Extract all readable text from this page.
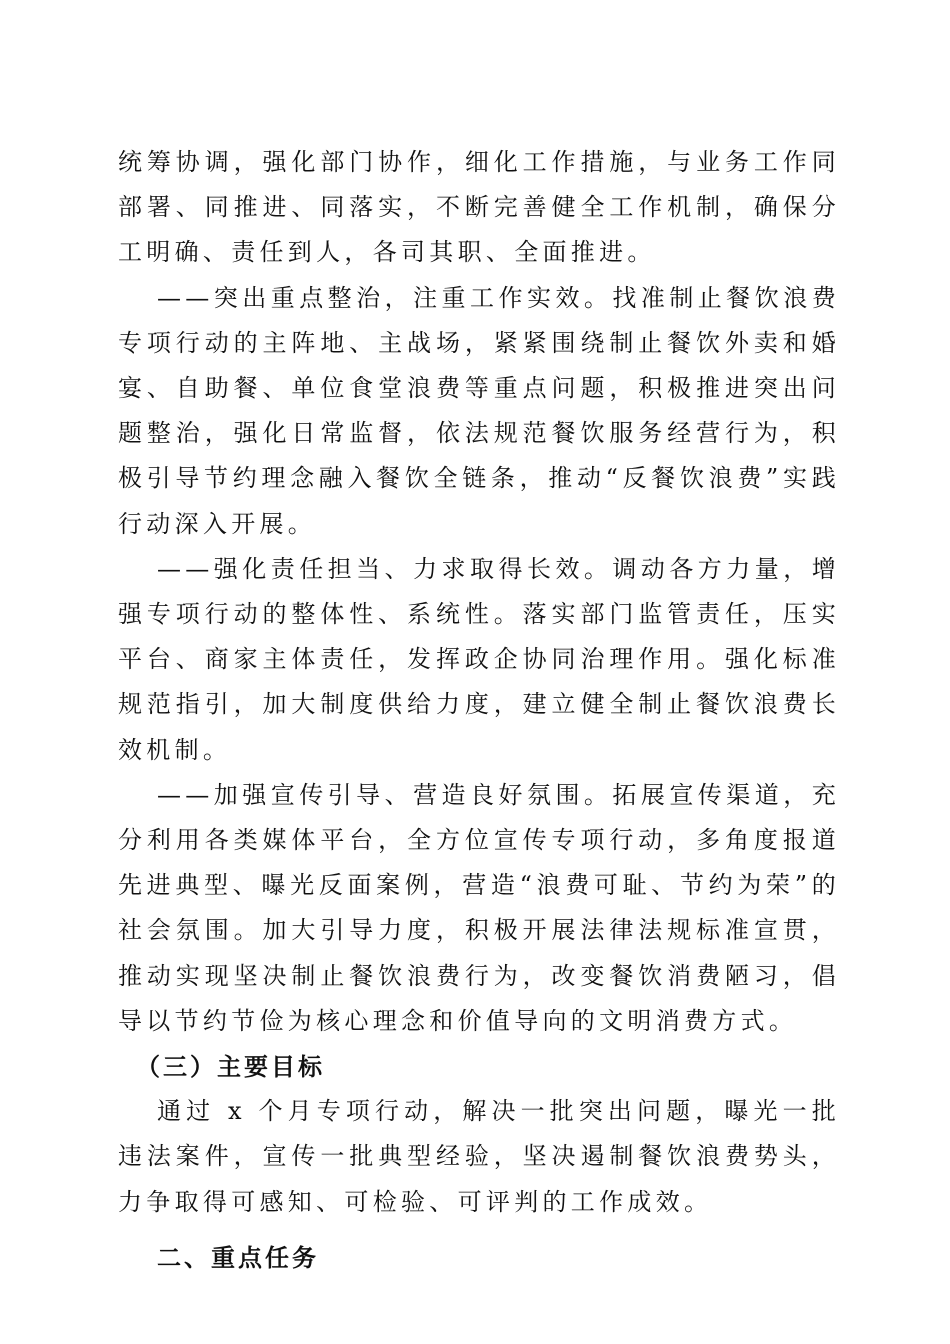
统筹协调，强化部门协作，细化工作措施，与业务工作同部署、同推进、同落实，不断完善健全工作机制，确保分工明确、责任到人，各司其职、全面推进。

——突出重点整治，注重工作实效。找准制止餐饮浪费专项行动的主阵地、主战场，紧紧围绕制止餐饮外卖和婚宴、自助餐、单位食堂浪费等重点问题，积极推进突出问题整治，强化日常监督，依法规范餐饮服务经营行为，积极引导节约理念融入餐饮全链条，推动“反餐饮浪费”实践行动深入开展。

——强化责任担当、力求取得长效。调动各方力量，增强专项行动的整体性、系统性。落实部门监管责任，压实平台、商家主体责任，发挥政企协同治理作用。强化标准规范指引，加大制度供给力度，建立健全制止餐饮浪费长效机制。

——加强宣传引导、营造良好氛围。拓展宣传渠道，充分利用各类媒体平台，全方位宣传专项行动，多角度报道先进典型、曝光反面案例，营造“浪费可耻、节约为荣”的社会氛围。加大引导力度，积极开展法律法规标准宣贯，推动实现坚决制止餐饮浪费行为，改变餐饮消费陋习，倡导以节约节俭为核心理念和价值导向的文明消费方式。

（三）主要目标

通过 x 个月专项行动，解决一批突出问题，曝光一批违法案件，宣传一批典型经验，坚决遏制餐饮浪费势头，力争取得可感知、可检验、可评判的工作成效。

二、重点任务
